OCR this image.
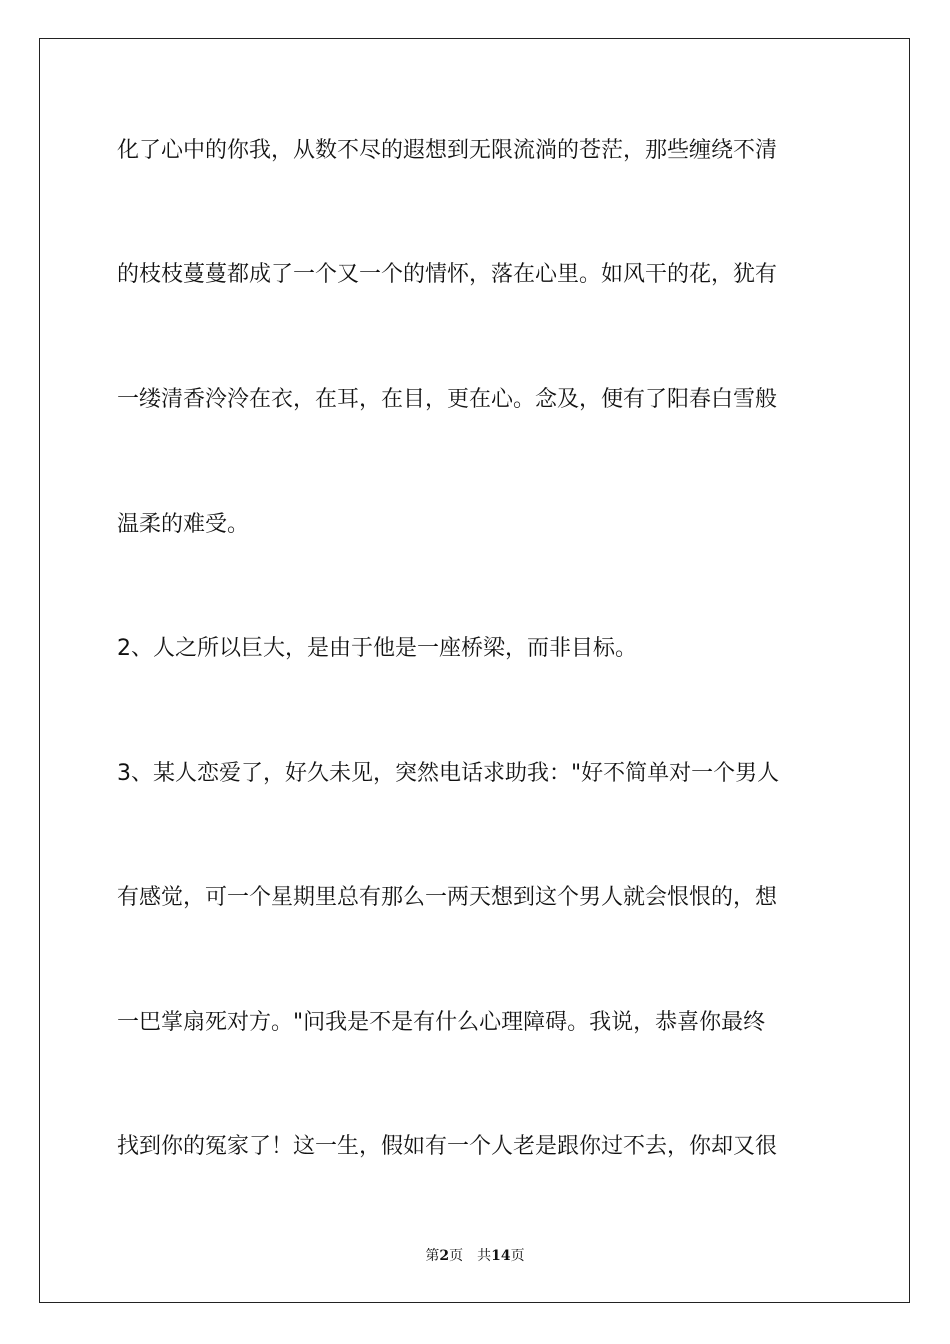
化了心中的你我，从数不尽的遐想到无限流淌的苍茫，那些缠绕不清
的枝枝蔓蔓都成了一个又一个的情怀，落在心里。如风干的花，犹有
一缕清香泠泠在衣，在耳，在目，更在心。念及，便有了阳春白雪般
温柔的难受。
2、人之所以巨大，是由于他是一座桥梁，而非目标。
3、某人恋爱了，好久未见，突然电话求助我："好不简单对一个男人
有感觉，可一个星期里总有那么一两天想到这个男人就会恨恨的，想
一巴掌扇死对方。"问我是不是有什么心理障碍。我说，恭喜你最终
找到你的冤家了！这一生，假如有一个人老是跟你过不去，你却又很
第2页 共14页
